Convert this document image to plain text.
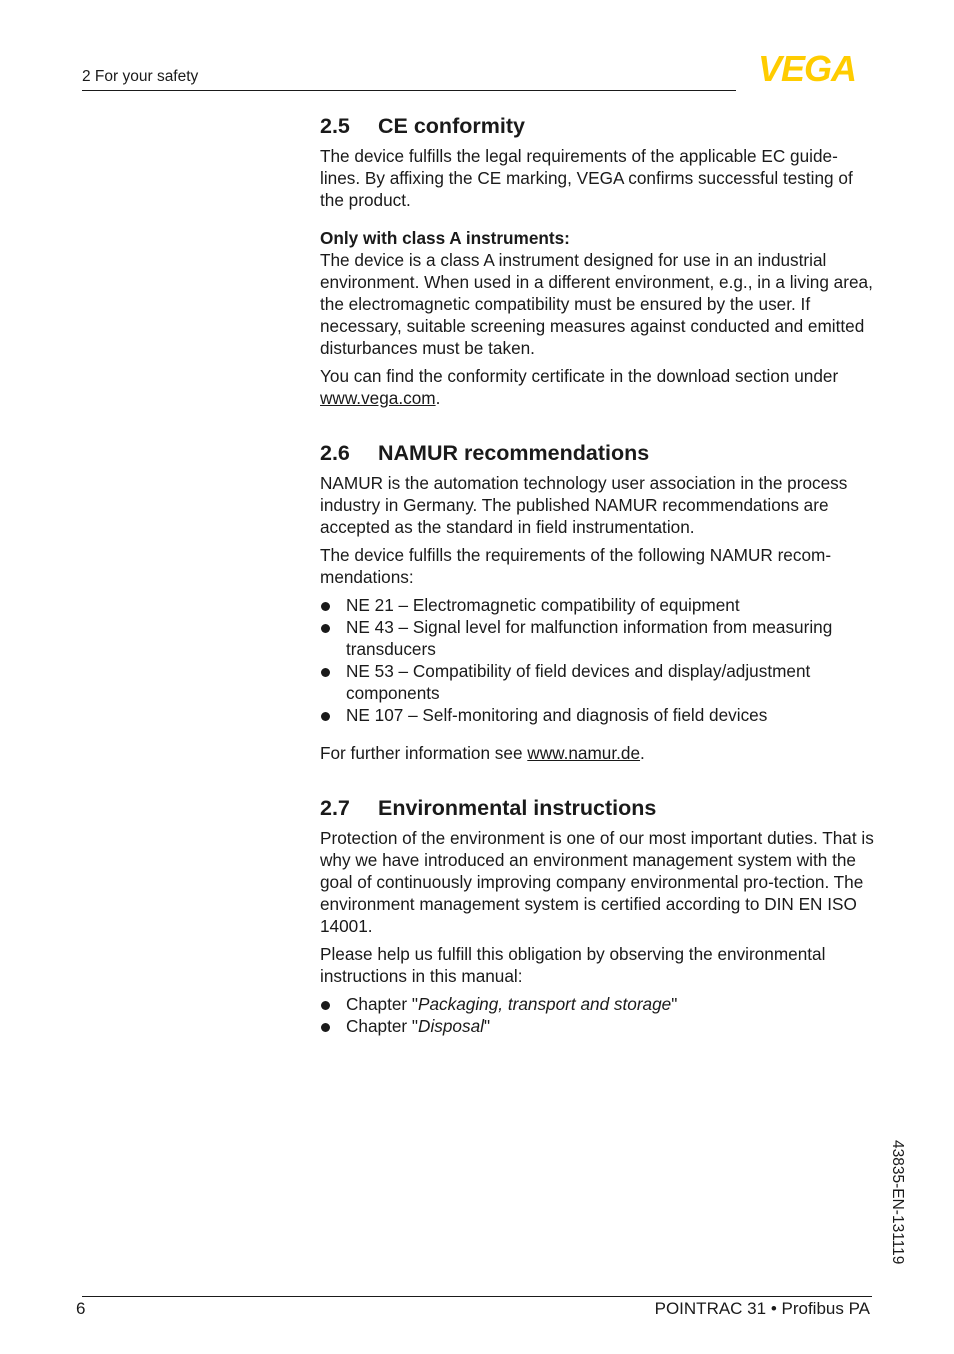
2 For your safety	VEGA
2.5 CE conformity

The device fulfills the legal requirements of the applicable EC guide-lines. By affixing the CE marking, VEGA confirms successful testing of the product.

Only with class A instruments:

The device is a class A instrument designed for use in an industrial environment. When used in a different environment, e.g., in a living area, the electromagnetic compatibility must be ensured by the user. If necessary, suitable screening measures against conducted and emitted disturbances must be taken.

You can find the conformity certificate in the download section under www.vega.com.

2.6 NAMUR recommendations

NAMUR is the automation technology user association in the process industry in Germany. The published NAMUR recommendations are accepted as the standard in field instrumentation.

The device fulfills the requirements of the following NAMUR recom-mendations:

NE 21 – Electromagnetic compatibility of equipment
NE 43 – Signal level for malfunction information from measuring transducers
NE 53 – Compatibility of field devices and display/adjustment components
NE 107 – Self-monitoring and diagnosis of field devices

For further information see www.namur.de.

2.7 Environmental instructions

Protection of the environment is one of our most important duties. That is why we have introduced an environment management system with the goal of continuously improving company environmental pro-tection. The environment management system is certified according to DIN EN ISO 14001.

Please help us fulfill this obligation by observing the environmental instructions in this manual:

Chapter "Packaging, transport and storage"
Chapter "Disposal"
43835-EN-131119
6	POINTRAC 31 • Profibus PA
